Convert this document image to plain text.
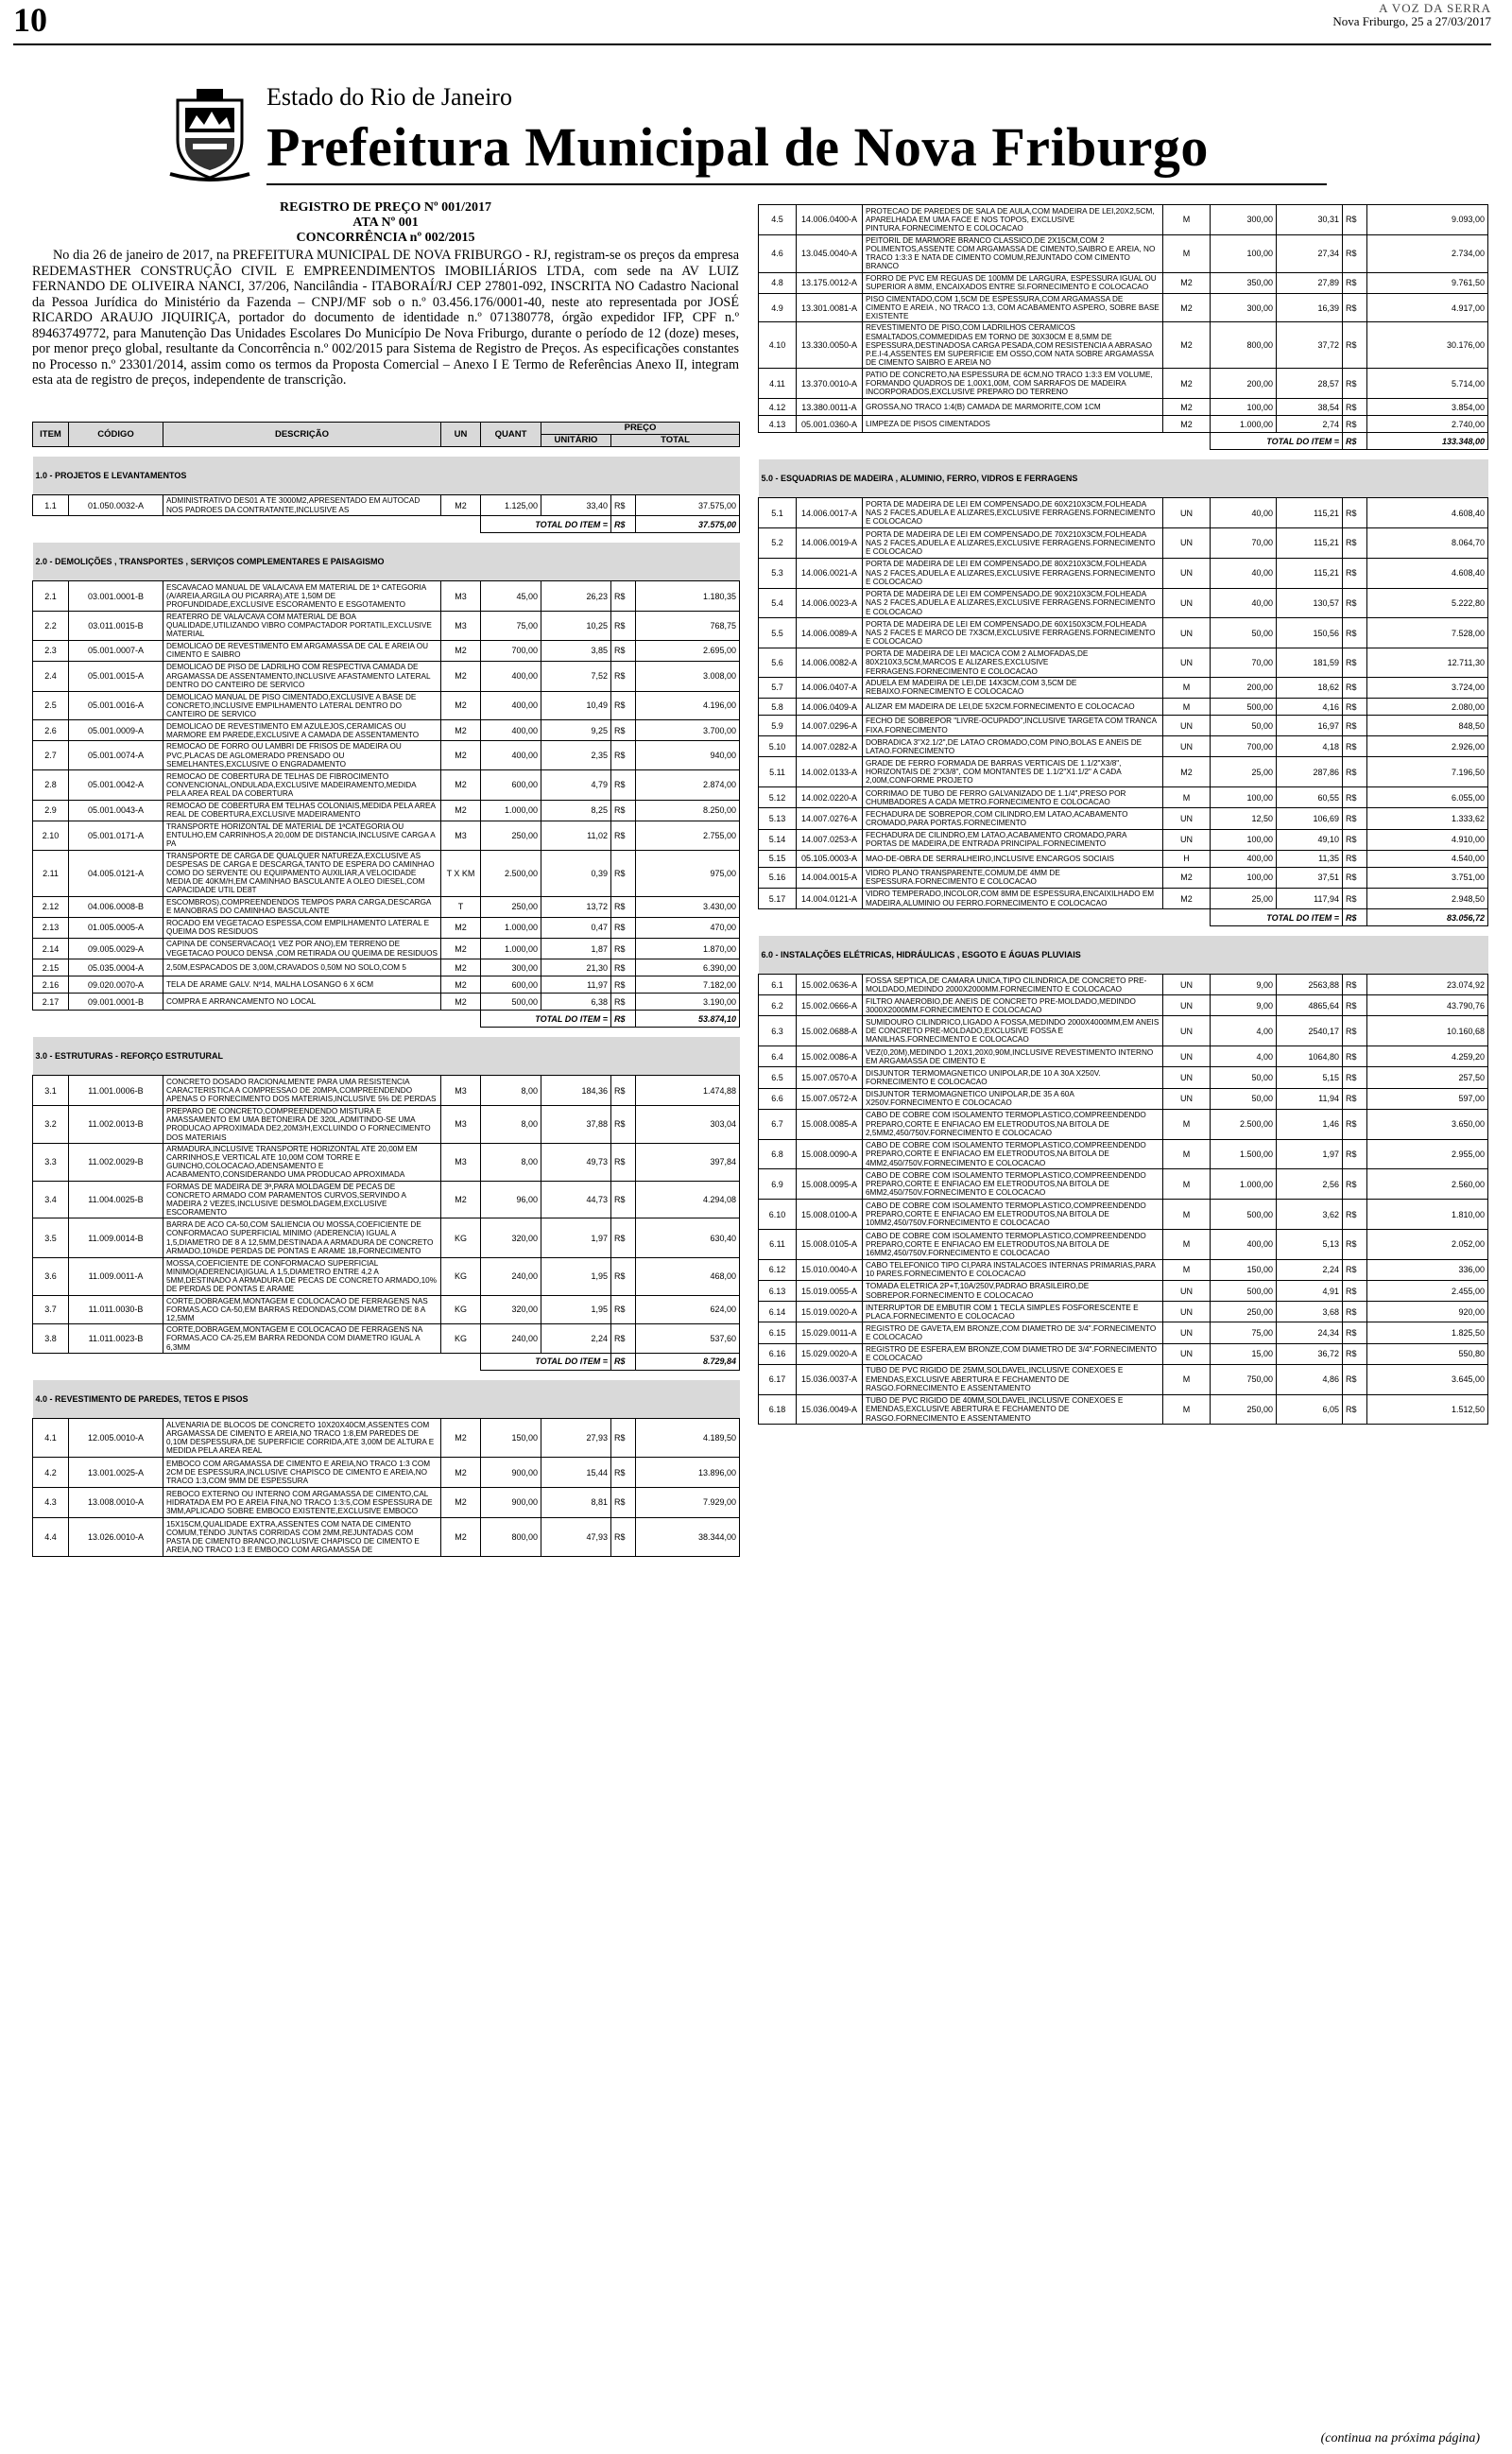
10	A VOZ DA SERRA
Nova Friburgo, 25 a 27/03/2017
Estado do Rio de Janeiro
Prefeitura Municipal de Nova Friburgo
REGISTRO DE PREÇO Nº 001/2017
ATA Nº 001
CONCORRÊNCIA nº 002/2015

No dia 26 de janeiro de 2017, na PREFEITURA MUNICIPAL DE NOVA FRIBURGO - RJ, registram-se os preços da empresa REDEMASTHER CONSTRUÇÃO CIVIL E EMPREENDIMENTOS IMOBILIÁRIOS LTDA, com sede na AV LUIZ FERNANDO DE OLIVEIRA NANCI, 37/206, Nancilândia - ITABORAÍ/RJ CEP 27801-092, INSCRITA NO Cadastro Nacional da Pessoa Jurídica do Ministério da Fazenda – CNPJ/MF sob o n.º 03.456.176/0001-40, neste ato representada por JOSÉ RICARDO ARAUJO JIQUIRIÇA, portador do documento de identidade n.º 071380778, órgão expedidor IFP, CPF n.º 89463749772, para Manutenção Das Unidades Escolares Do Município De Nova Friburgo, durante o período de 12 (doze) meses, por menor preço global, resultante da Concorrência n.º 002/2015 para Sistema de Registro de Preços. As especificações constantes no Processo n.º 23301/2014, assim como os termos da Proposta Comercial – Anexo I E Termo de Referências Anexo II, integram esta ata de registro de preços, independente de transcrição.

ITEM	CÓDIGO	DESCRIÇÃO	UN	QUANT	PREÇO		
					UNITÁRIO	TOTAL	

1.0 - PROJETOS E LEVANTAMENTOS							
1.1	01.050.0032-A	ADMINISTRATIVO DES01 A TE 3000M2,APRESENTADO EM AUTOCAD NOS PADROES DA CONTRATANTE,INCLUSIVE AS	M2	1.125,00	33,40	R$	37.575,00
				TOTAL DO ITEM =		R$	37.575,00

2.0 - DEMOLIÇÕES , TRANSPORTES , SERVIÇOS COMPLEMENTARES E PAISAGISMO							
2.1	03.001.0001-B	ESCAVACAO MANUAL DE VALA/CAVA EM MATERIAL DE 1ª CATEGORIA (A/AREIA,ARGILA OU PICARRA),ATE 1,50M DE PROFUNDIDADE,EXCLUSIVE ESCORAMENTO E ESGOTAMENTO	M3	45,00	26,23	R$	1.180,35
2.2	03.011.0015-B	REATERRO DE VALA/CAVA COM MATERIAL DE BOA QUALIDADE,UTILIZANDO VIBRO COMPACTADOR PORTATIL,EXCLUSIVE MATERIAL	M3	75,00	10,25	R$	768,75
2.3	05.001.0007-A	DEMOLICAO DE REVESTIMENTO EM ARGAMASSA DE CAL E AREIA OU CIMENTO E SAIBRO	M2	700,00	3,85	R$	2.695,00
2.4	05.001.0015-A	DEMOLICAO DE PISO DE LADRILHO COM RESPECTIVA CAMADA DE ARGAMASSA DE ASSENTAMENTO,INCLUSIVE AFASTAMENTO LATERAL DENTRO DO CANTEIRO DE SERVICO	M2	400,00	7,52	R$	3.008,00
2.5	05.001.0016-A	DEMOLICAO MANUAL DE PISO CIMENTADO,EXCLUSIVE A BASE DE CONCRETO,INCLUSIVE EMPILHAMENTO LATERAL DENTRO DO CANTEIRO DE SERVICO	M2	400,00	10,49	R$	4.196,00
2.6	05.001.0009-A	DEMOLICAO DE REVESTIMENTO EM AZULEJOS,CERAMICAS OU MARMORE EM PAREDE,EXCLUSIVE A CAMADA DE ASSENTAMENTO	M2	400,00	9,25	R$	3.700,00
2.7	05.001.0074-A	REMOCAO DE FORRO OU LAMBRI DE FRISOS DE MADEIRA OU PVC,PLACAS DE AGLOMERADO PRENSADO OU SEMELHANTES,EXCLUSIVE O ENGRADAMENTO	M2	400,00	2,35	R$	940,00
2.8	05.001.0042-A	REMOCAO DE COBERTURA DE TELHAS DE FIBROCIMENTO CONVENCIONAL,ONDULADA,EXCLUSIVE MADEIRAMENTO,MEDIDA PELA AREA REAL DA COBERTURA	M2	600,00	4,79	R$	2.874,00
2.9	05.001.0043-A	REMOCAO DE COBERTURA EM TELHAS COLONIAIS,MEDIDA PELA AREA REAL DE COBERTURA,EXCLUSIVE MADEIRAMENTO	M2	1.000,00	8,25	R$	8.250,00
2.10	05.001.0171-A	TRANSPORTE HORIZONTAL DE MATERIAL DE 1ªCATEGORIA OU ENTULHO,EM CARRINHOS,A 20,00M DE DISTANCIA,INCLUSIVE CARGA A PA	M3	250,00	11,02	R$	2.755,00
2.11	04.005.0121-A	TRANSPORTE DE CARGA DE QUALQUER NATUREZA,EXCLUSIVE AS DESPESAS DE CARGA E DESCARGA,TANTO DE ESPERA DO CAMINHAO COMO DO SERVENTE OU EQUIPAMENTO AUXILIAR,A VELOCIDADE MEDIA DE 40KM/H,EM CAMINHAO BASCULANTE A OLEO DIESEL,COM CAPACIDADE UTIL DE8T	T X KM	2.500,00	0,39	R$	975,00
2.12	04.006.0008-B	ESCOMBROS),COMPREENDENDOS TEMPOS PARA CARGA,DESCARGA E MANOBRAS DO CAMINHAO BASCULANTE	T	250,00	13,72	R$	3.430,00
2.13	01.005.0005-A	ROCADO EM VEGETACAO ESPESSA,COM EMPILHAMENTO LATERAL E QUEIMA DOS RESIDUOS	M2	1.000,00	0,47	R$	470,00
2.14	09.005.0029-A	CAPINA DE CONSERVACAO(1 VEZ POR ANO),EM TERRENO DE VEGETACAO POUCO DENSA ,COM RETIRADA OU QUEIMA DE RESIDUOS	M2	1.000,00	1,87	R$	1.870,00
2.15	05.035.0004-A	2,50M,ESPACADOS DE 3,00M,CRAVADOS 0,50M NO SOLO,COM 5	M2	300,00	21,30	R$	6.390,00
2.16	09.020.0070-A	TELA DE ARAME GALV. Nº14, MALHA LOSANGO 6 X 6CM	M2	600,00	11,97	R$	7.182,00
2.17	09.001.0001-B	COMPRA E ARRANCAMENTO NO LOCAL	M2	500,00	6,38	R$	3.190,00
				TOTAL DO ITEM =		R$	53.874,10

3.0 - ESTRUTURAS - REFORÇO ESTRUTURAL							
3.1	11.001.0006-B	CONCRETO DOSADO RACIONALMENTE PARA UMA RESISTENCIA CARACTERISTICA A COMPRESSAO DE 20MPA,COMPREENDENDO APENAS O FORNECIMENTO DOS MATERIAIS,INCLUSIVE 5% DE PERDAS	M3	8,00	184,36	R$	1.474,88
3.2	11.002.0013-B	PREPARO DE CONCRETO,COMPREENDENDO MISTURA E AMASSAMENTO EM UMA BETONEIRA DE 320L,ADMITINDO-SE UMA PRODUCAO APROXIMADA DE2,20M3/H,EXCLUINDO O FORNECIMENTO DOS MATERIAIS	M3	8,00	37,88	R$	303,04
3.3	11.002.0029-B	ARMADURA,INCLUSIVE TRANSPORTE HORIZONTAL ATE 20,00M EM CARRINHOS,E VERTICAL ATE 10,00M COM TORRE E GUINCHO,COLOCACAO,ADENSAMENTO E ACABAMENTO,CONSIDERANDO UMA PRODUCAO APROXIMADA	M3	8,00	49,73	R$	397,84
3.4	11.004.0025-B	FORMAS DE MADEIRA DE 3ª,PARA MOLDAGEM DE PECAS DE CONCRETO ARMADO COM PARAMENTOS CURVOS,SERVINDO A MADEIRA 2 VEZES,INCLUSIVE DESMOLDAGEM,EXCLUSIVE ESCORAMENTO	M2	96,00	44,73	R$	4.294,08
3.5	11.009.0014-B	BARRA DE ACO CA-50,COM SALIENCIA OU MOSSA,COEFICIENTE DE CONFORMACAO SUPERFICIAL MINIMO (ADERENCIA) IGUAL A 1,5,DIAMETRO DE 8 A 12,5MM,DESTINADA A ARMADURA DE CONCRETO ARMADO,10%DE PERDAS DE PONTAS E ARAME 18,FORNECIMENTO	KG	320,00	1,97	R$	630,40
3.6	11.009.0011-A	MOSSA,COEFICIENTE DE CONFORMACAO SUPERFICIAL MINIMO(ADERENCIA)IGUAL A 1,5,DIAMETRO ENTRE 4,2 A 5MM,DESTINADO A ARMADURA DE PECAS DE CONCRETO ARMADO,10% DE PERDAS DE PONTAS E ARAME	KG	240,00	1,95	R$	468,00
3.7	11.011.0030-B	CORTE,DOBRAGEM,MONTAGEM E COLOCACAO DE FERRAGENS NAS FORMAS,ACO CA-50,EM BARRAS REDONDAS,COM DIAMETRO DE 8 A 12,5MM	KG	320,00	1,95	R$	624,00
3.8	11.011.0023-B	CORTE,DOBRAGEM,MONTAGEM E COLOCACAO DE FERRAGENS NA FORMAS,ACO CA-25,EM BARRA REDONDA COM DIAMETRO IGUAL A 6,3MM	KG	240,00	2,24	R$	537,60
				TOTAL DO ITEM =		R$	8.729,84

4.0 - REVESTIMENTO DE PAREDES, TETOS E PISOS							
4.1	12.005.0010-A	ALVENARIA DE BLOCOS DE CONCRETO 10X20X40CM,ASSENTES COM ARGAMASSA DE CIMENTO E AREIA,NO TRACO 1:8,EM PAREDES DE 0,10M DESPESSURA,DE SUPERFICIE CORRIDA,ATE 3,00M DE ALTURA E MEDIDA PELA AREA REAL	M2	150,00	27,93	R$	4.189,50
4.2	13.001.0025-A	EMBOCO COM ARGAMASSA DE CIMENTO E AREIA,NO TRACO 1:3 COM 2CM DE ESPESSURA,INCLUSIVE CHAPISCO DE CIMENTO E AREIA,NO TRACO 1:3,COM 9MM DE ESPESSURA	M2	900,00	15,44	R$	13.896,00
4.3	13.008.0010-A	REBOCO EXTERNO OU INTERNO COM ARGAMASSA DE CIMENTO,CAL HIDRATADA EM PO E AREIA FINA,NO TRACO 1:3:5,COM ESPESSURA DE 3MM,APLICADO SOBRE EMBOCO EXISTENTE,EXCLUSIVE EMBOCO	M2	900,00	8,81	R$	7.929,00
4.4	13.026.0010-A	15X15CM,QUALIDADE EXTRA,ASSENTES COM NATA DE CIMENTO COMUM,TENDO JUNTAS CORRIDAS COM 2MM,REJUNTADAS COM PASTA DE CIMENTO BRANCO,INCLUSIVE CHAPISCO DE CIMENTO E AREIA,NO TRACO 1:3 E EMBOCO COM ARGAMASSA DE	M2	800,00	47,93	R$	38.344,00
4.5	14.006.0400-A	PROTECAO DE PAREDES DE SALA DE AULA,COM MADEIRA DE LEI,20X2,5CM, APARELHADA EM UMA FACE E NOS TOPOS, EXCLUSIVE PINTURA.FORNECIMENTO E COLOCACAO	M	300,00	30,31	R$	9.093,00
4.6	13.045.0040-A	PEITORIL DE MARMORE BRANCO CLASSICO,DE 2X15CM,COM 2 POLIMENTOS,ASSENTE COM ARGAMASSA DE CIMENTO,SAIBRO E AREIA, NO TRACO 1:3:3 E NATA DE CIMENTO COMUM,REJUNTADO COM CIMENTO BRANCO	M	100,00	27,34	R$	2.734,00
4.8	13.175.0012-A	FORRO DE PVC EM REGUAS DE 100MM DE LARGURA, ESPESSURA IGUAL OU SUPERIOR A 8MM, ENCAIXADOS ENTRE SI.FORNECIMENTO E COLOCACAO	M2	350,00	27,89	R$	9.761,50
4.9	13.301.0081-A	PISO CIMENTADO,COM 1,5CM DE ESPESSURA,COM ARGAMASSA DE CIMENTO E AREIA , NO TRACO 1:3, COM ACABAMENTO ASPERO, SOBRE BASE EXISTENTE	M2	300,00	16,39	R$	4.917,00
4.10	13.330.0050-A	REVESTIMENTO DE PISO,COM LADRILHOS CERAMICOS ESMALTADOS,COMMEDIDAS EM TORNO DE 30X30CM E 8,5MM DE ESPESSURA,DESTINADOSA CARGA PESADA,COM RESISTENCIA A ABRASAO P.E.I-4,ASSENTES EM SUPERFICIE EM OSSO,COM NATA SOBRE ARGAMASSA DE CIMENTO SAIBRO E AREIA NO	M2	800,00	37,72	R$	30.176,00
4.11	13.370.0010-A	PATIO DE CONCRETO,NA ESPESSURA DE 6CM,NO TRACO 1:3:3 EM VOLUME, FORMANDO QUADROS DE 1,00X1,00M, COM SARRAFOS DE MADEIRA INCORPORADOS,EXCLUSIVE PREPARO DO TERRENO	M2	200,00	28,57	R$	5.714,00
4.12	13.380.0011-A	GROSSA,NO TRACO 1:4(B) CAMADA DE MARMORITE,COM 1CM	M2	100,00	38,54	R$	3.854,00
4.13	05.001.0360-A	LIMPEZA DE PISOS CIMENTADOS	M2	1.000,00	2,74	R$	2.740,00
				TOTAL DO ITEM =		R$	133.348,00

5.0 - ESQUADRIAS DE MADEIRA , ALUMINIO, FERRO, VIDROS E FERRAGENS							
5.1	14.006.0017-A	PORTA DE MADEIRA DE LEI EM COMPENSADO,DE 60X210X3CM,FOLHEADA NAS 2 FACES,ADUELA E ALIZARES,EXCLUSIVE FERRAGENS.FORNECIMENTO E COLOCACAO	UN	40,00	115,21	R$	4.608,40
5.2	14.006.0019-A	PORTA DE MADEIRA DE LEI EM COMPENSADO,DE 70X210X3CM,FOLHEADA NAS 2 FACES,ADUELA E ALIZARES,EXCLUSIVE FERRAGENS.FORNECIMENTO E COLOCACAO	UN	70,00	115,21	R$	8.064,70
5.3	14.006.0021-A	PORTA DE MADEIRA DE LEI EM COMPENSADO,DE 80X210X3CM,FOLHEADA NAS 2 FACES,ADUELA E ALIZARES,EXCLUSIVE FERRAGENS.FORNECIMENTO E COLOCACAO	UN	40,00	115,21	R$	4.608,40
5.4	14.006.0023-A	PORTA DE MADEIRA DE LEI EM COMPENSADO,DE 90X210X3CM,FOLHEADA NAS 2 FACES,ADUELA E ALIZARES,EXCLUSIVE FERRAGENS.FORNECIMENTO E COLOCACAO	UN	40,00	130,57	R$	5.222,80
5.5	14.006.0089-A	PORTA DE MADEIRA DE LEI EM COMPENSADO,DE 60X150X3CM,FOLHEADA NAS 2 FACES E MARCO DE 7X3CM,EXCLUSIVE FERRAGENS.FORNECIMENTO E COLOCACAO	UN	50,00	150,56	R$	7.528,00
5.6	14.006.0082-A	PORTA DE MADEIRA DE LEI MACICA COM 2 ALMOFADAS,DE 80X210X3,5CM,MARCOS E ALIZARES,EXCLUSIVE FERRAGENS.FORNECIMENTO E COLOCACAO	UN	70,00	181,59	R$	12.711,30
5.7	14.006.0407-A	ADUELA EM MADEIRA DE LEI,DE 14X3CM,COM 3,5CM DE REBAIXO.FORNECIMENTO E COLOCACAO	M	200,00	18,62	R$	3.724,00
5.8	14.006.0409-A	ALIZAR EM MADEIRA DE LEI,DE 5X2CM.FORNECIMENTO E COLOCACAO	M	500,00	4,16	R$	2.080,00
5.9	14.007.0296-A	FECHO DE SOBREPOR "LIVRE-OCUPADO",INCLUSIVE TARGETA COM TRANCA FIXA.FORNECIMENTO	UN	50,00	16,97	R$	848,50
5.10	14.007.0282-A	DOBRADICA 3"X2.1/2",DE LATAO CROMADO,COM PINO,BOLAS E ANEIS DE LATAO.FORNECIMENTO	UN	700,00	4,18	R$	2.926,00
5.11	14.002.0133-A	GRADE DE FERRO FORMADA DE BARRAS VERTICAIS DE 1.1/2"X3/8", HORIZONTAIS DE 2"X3/8", COM MONTANTES DE 1.1/2"X1.1/2" A CADA 2,00M,CONFORME PROJETO	M2	25,00	287,86	R$	7.196,50
5.12	14.002.0220-A	CORRIMAO DE TUBO DE FERRO GALVANIZADO DE 1.1/4",PRESO POR CHUMBADORES A CADA METRO.FORNECIMENTO E COLOCACAO	M	100,00	60,55	R$	6.055,00
5.13	14.007.0276-A	FECHADURA DE SOBREPOR,COM CILINDRO,EM LATAO,ACABAMENTO CROMADO,PARA PORTAS.FORNECIMENTO	UN	12,50	106,69	R$	1.333,62
5.14	14.007.0253-A	FECHADURA DE CILINDRO,EM LATAO,ACABAMENTO CROMADO,PARA PORTAS DE MADEIRA,DE ENTRADA PRINCIPAL.FORNECIMENTO	UN	100,00	49,10	R$	4.910,00
5.15	05.105.0003-A	MAO-DE-OBRA DE SERRALHEIRO,INCLUSIVE ENCARGOS SOCIAIS	H	400,00	11,35	R$	4.540,00
5.16	14.004.0015-A	VIDRO PLANO TRANSPARENTE,COMUM,DE 4MM DE ESPESSURA.FORNECIMENTO E COLOCACAO	M2	100,00	37,51	R$	3.751,00
5.17	14.004.0121-A	VIDRO TEMPERADO,INCOLOR,COM 8MM DE ESPESSURA,ENCAIXILHADO EM MADEIRA,ALUMINIO OU FERRO.FORNECIMENTO E COLOCACAO	M2	25,00	117,94	R$	2.948,50
				TOTAL DO ITEM =		R$	83.056,72

6.0 - INSTALAÇÕES ELÉTRICAS, HIDRÁULICAS , ESGOTO E ÁGUAS PLUVIAIS							
6.1	15.002.0636-A	FOSSA SEPTICA,DE CAMARA UNICA,TIPO CILINDRICA,DE CONCRETO PRE-MOLDADO,MEDINDO 2000X2000MM.FORNECIMENTO E COLOCACAO	UN	9,00	2563,88	R$	23.074,92
6.2	15.002.0666-A	FILTRO ANAEROBIO,DE ANEIS DE CONCRETO PRE-MOLDADO,MEDINDO 3000X2000MM.FORNECIMENTO E COLOCACAO	UN	9,00	4865,64	R$	43.790,76
6.3	15.002.0688-A	SUMIDOURO CILINDRICO,LIGADO A FOSSA,MEDINDO 2000X4000MM,EM ANEIS DE CONCRETO PRE-MOLDADO,EXCLUSIVE FOSSA E MANILHAS.FORNECIMENTO E COLOCACAO	UN	4,00	2540,17	R$	10.160,68
6.4	15.002.0086-A	VEZ(0,20M),MEDINDO 1,20X1,20X0,90M,INCLUSIVE REVESTIMENTO INTERNO EM ARGAMASSA DE CIMENTO E	UN	4,00	1064,80	R$	4.259,20
6.5	15.007.0570-A	DISJUNTOR TERMOMAGNETICO UNIPOLAR,DE 10 A 30A X250V. FORNECIMENTO E COLOCACAO	UN	50,00	5,15	R$	257,50
6.6	15.007.0572-A	DISJUNTOR TERMOMAGNETICO UNIPOLAR,DE 35 A 60A X250V.FORNECIMENTO E COLOCACAO	UN	50,00	11,94	R$	597,00
6.7	15.008.0085-A	CABO DE COBRE COM ISOLAMENTO TERMOPLASTICO,COMPREENDENDO PREPARO,CORTE E ENFIACAO EM ELETRODUTOS,NA BITOLA DE 2,5MM2,450/750V.FORNECIMENTO E COLOCACAO	M	2.500,00	1,46	R$	3.650,00
6.8	15.008.0090-A	CABO DE COBRE COM ISOLAMENTO TERMOPLASTICO,COMPREENDENDO PREPARO,CORTE E ENFIACAO EM ELETRODUTOS,NA BITOLA DE 4MM2,450/750V.FORNECIMENTO E COLOCACAO	M	1.500,00	1,97	R$	2.955,00
6.9	15.008.0095-A	CABO DE COBRE COM ISOLAMENTO TERMOPLASTICO,COMPREENDENDO PREPARO,CORTE E ENFIACAO EM ELETRODUTOS,NA BITOLA DE 6MM2,450/750V.FORNECIMENTO E COLOCACAO	M	1.000,00	2,56	R$	2.560,00
6.10	15.008.0100-A	CABO DE COBRE COM ISOLAMENTO TERMOPLASTICO,COMPREENDENDO PREPARO,CORTE E ENFIACAO EM ELETRODUTOS,NA BITOLA DE 10MM2,450/750V.FORNECIMENTO E COLOCACAO	M	500,00	3,62	R$	1.810,00
6.11	15.008.0105-A	CABO DE COBRE COM ISOLAMENTO TERMOPLASTICO,COMPREENDENDO PREPARO,CORTE E ENFIACAO EM ELETRODUTOS,NA BITOLA DE 16MM2,450/750V.FORNECIMENTO E COLOCACAO	M	400,00	5,13	R$	2.052,00
6.12	15.010.0040-A	CABO TELEFONICO TIPO CI,PARA INSTALACOES INTERNAS PRIMARIAS,PARA 10 PARES.FORNECIMENTO E COLOCACAO	M	150,00	2,24	R$	336,00
6.13	15.019.0055-A	TOMADA ELETRICA 2P+T,10A/250V,PADRAO BRASILEIRO,DE SOBREPOR.FORNECIMENTO E COLOCACAO	UN	500,00	4,91	R$	2.455,00
6.14	15.019.0020-A	INTERRUPTOR DE EMBUTIR COM 1 TECLA SIMPLES FOSFORESCENTE E PLACA.FORNECIMENTO E COLOCACAO	UN	250,00	3,68	R$	920,00
6.15	15.029.0011-A	REGISTRO DE GAVETA,EM BRONZE,COM DIAMETRO DE 3/4".FORNECIMENTO E COLOCACAO	UN	75,00	24,34	R$	1.825,50
6.16	15.029.0020-A	REGISTRO DE ESFERA,EM BRONZE,COM DIAMETRO DE 3/4".FORNECIMENTO E COLOCACAO	UN	15,00	36,72	R$	550,80
6.17	15.036.0037-A	TUBO DE PVC RIGIDO DE 25MM,SOLDAVEL,INCLUSIVE CONEXOES E EMENDAS,EXCLUSIVE ABERTURA E FECHAMENTO DE RASGO.FORNECIMENTO E ASSENTAMENTO	M	750,00	4,86	R$	3.645,00
6.18	15.036.0049-A	TUBO DE PVC RIGIDO DE 40MM,SOLDAVEL,INCLUSIVE CONEXOES E EMENDAS,EXCLUSIVE ABERTURA E FECHAMENTO DE RASGO.FORNECIMENTO E ASSENTAMENTO	M	250,00	6,05	R$	1.512,50
(continua na próxima página)
